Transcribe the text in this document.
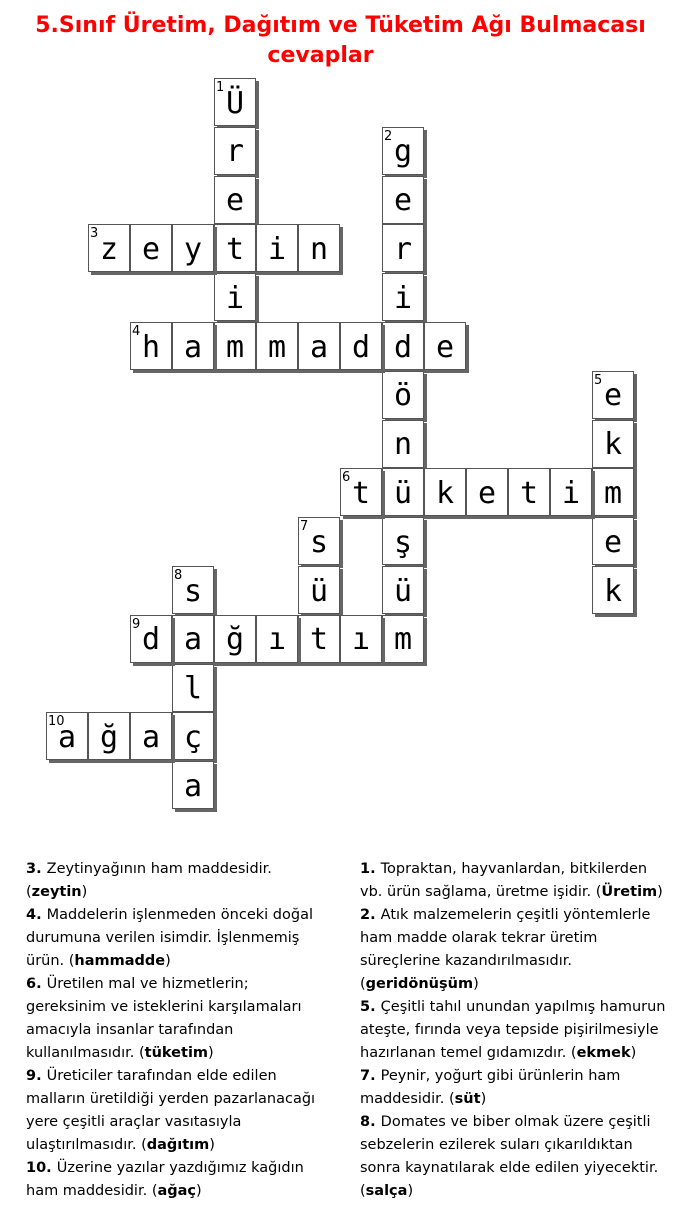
5.Sınıf Üretim, Dağıtım ve Tüketim Ağı Bulmacası
cevaplar
Ü
1
r
e
t
i
m
g
2
e
r
i
d
ö
n
ü
ş
ü
m
z
3 e y i n
h
4 a m a d e
e
5
k
m
e
k
t
6	k e t i
s
7
ü
t
s
8
a
l
ç
a
d
9	ğ ı ı
a
10 ğ a
3. Zeytinyağının ham maddesidir. (zeytin)
4. Maddelerin işlenmeden önceki doğal durumuna verilen isimdir. İşlenmemiş ürün. (hammadde)
6. Üretilen mal ve hizmetlerin; gereksinim ve isteklerini karşılamaları amacıyla insanlar tarafından kullanılmasıdır. (tüketim)
9. Üreticiler tarafından elde edilen malların üretildiği yerden pazarlanacağı yere çeşitli araçlar vasıtasıyla ulaştırılmasıdır. (dağıtım)
10. Üzerine yazılar yazdığımız kağıdın ham maddesidir. (ağaç)
1. Topraktan, hayvanlardan, bitkilerden vb. ürün sağlama, üretme işidir. (Üretim)
2. Atık malzemelerin çeşitli yöntemlerle ham madde olarak tekrar üretim süreçlerine kazandırılmasıdır. (geridönüşüm)
5. Çeşitli tahıl unundan yapılmış hamurun ateşte, fırında veya tepside pişirilmesiyle hazırlanan temel gıdamızdır. (ekmek)
7. Peynir, yoğurt gibi ürünlerin ham maddesidir. (süt)
8. Domates ve biber olmak üzere çeşitli sebzelerin ezilerek suları çıkarıldıktan sonra kaynatılarak elde edilen yiyecektir. (salça)
